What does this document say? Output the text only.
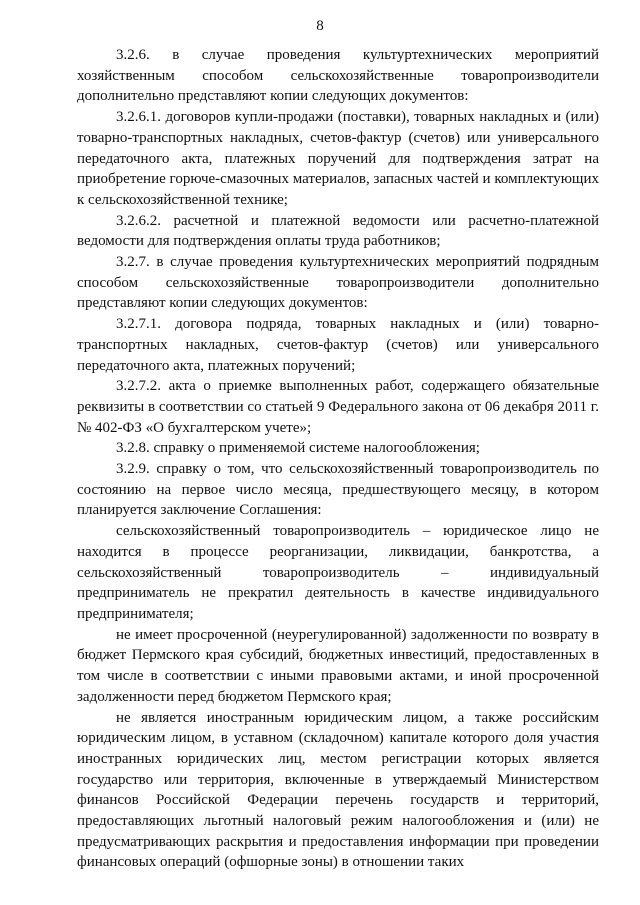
8

3.2.6. в случае проведения культуртехнических мероприятий хозяйственным способом сельскохозяйственные товаропроизводители дополнительно представляют копии следующих документов:

3.2.6.1. договоров купли-продажи (поставки), товарных накладных и (или) товарно-транспортных накладных, счетов-фактур (счетов) или универсального передаточного акта, платежных поручений для подтверждения затрат на приобретение горюче-смазочных материалов, запасных частей и комплектующих к сельскохозяйственной технике;

3.2.6.2. расчетной и платежной ведомости или расчетно-платежной ведомости для подтверждения оплаты труда работников;

3.2.7. в случае проведения культуртехнических мероприятий подрядным способом сельскохозяйственные товаропроизводители дополнительно представляют копии следующих документов:

3.2.7.1. договора подряда, товарных накладных и (или) товарно-транспортных накладных, счетов-фактур (счетов) или универсального передаточного акта, платежных поручений;

3.2.7.2. акта о приемке выполненных работ, содержащего обязательные реквизиты в соответствии со статьей 9 Федерального закона от 06 декабря 2011 г. № 402-ФЗ «О бухгалтерском учете»;

3.2.8. справку о применяемой системе налогообложения;

3.2.9. справку о том, что сельскохозяйственный товаропроизводитель по состоянию на первое число месяца, предшествующего месяцу, в котором планируется заключение Соглашения:

сельскохозяйственный товаропроизводитель – юридическое лицо не находится в процессе реорганизации, ликвидации, банкротства, а сельскохозяйственный товаропроизводитель – индивидуальный предприниматель не прекратил деятельность в качестве индивидуального предпринимателя;

не имеет просроченной (неурегулированной) задолженности по возврату в бюджет Пермского края субсидий, бюджетных инвестиций, предоставленных в том числе в соответствии с иными правовыми актами, и иной просроченной задолженности перед бюджетом Пермского края;

не является иностранным юридическим лицом, а также российским юридическим лицом, в уставном (складочном) капитале которого доля участия иностранных юридических лиц, местом регистрации которых является государство или территория, включенные в утверждаемый Министерством финансов Российской Федерации перечень государств и территорий, предоставляющих льготный налоговый режим налогообложения и (или) не предусматривающих раскрытия и предоставления информации при проведении финансовых операций (офшорные зоны) в отношении таких
